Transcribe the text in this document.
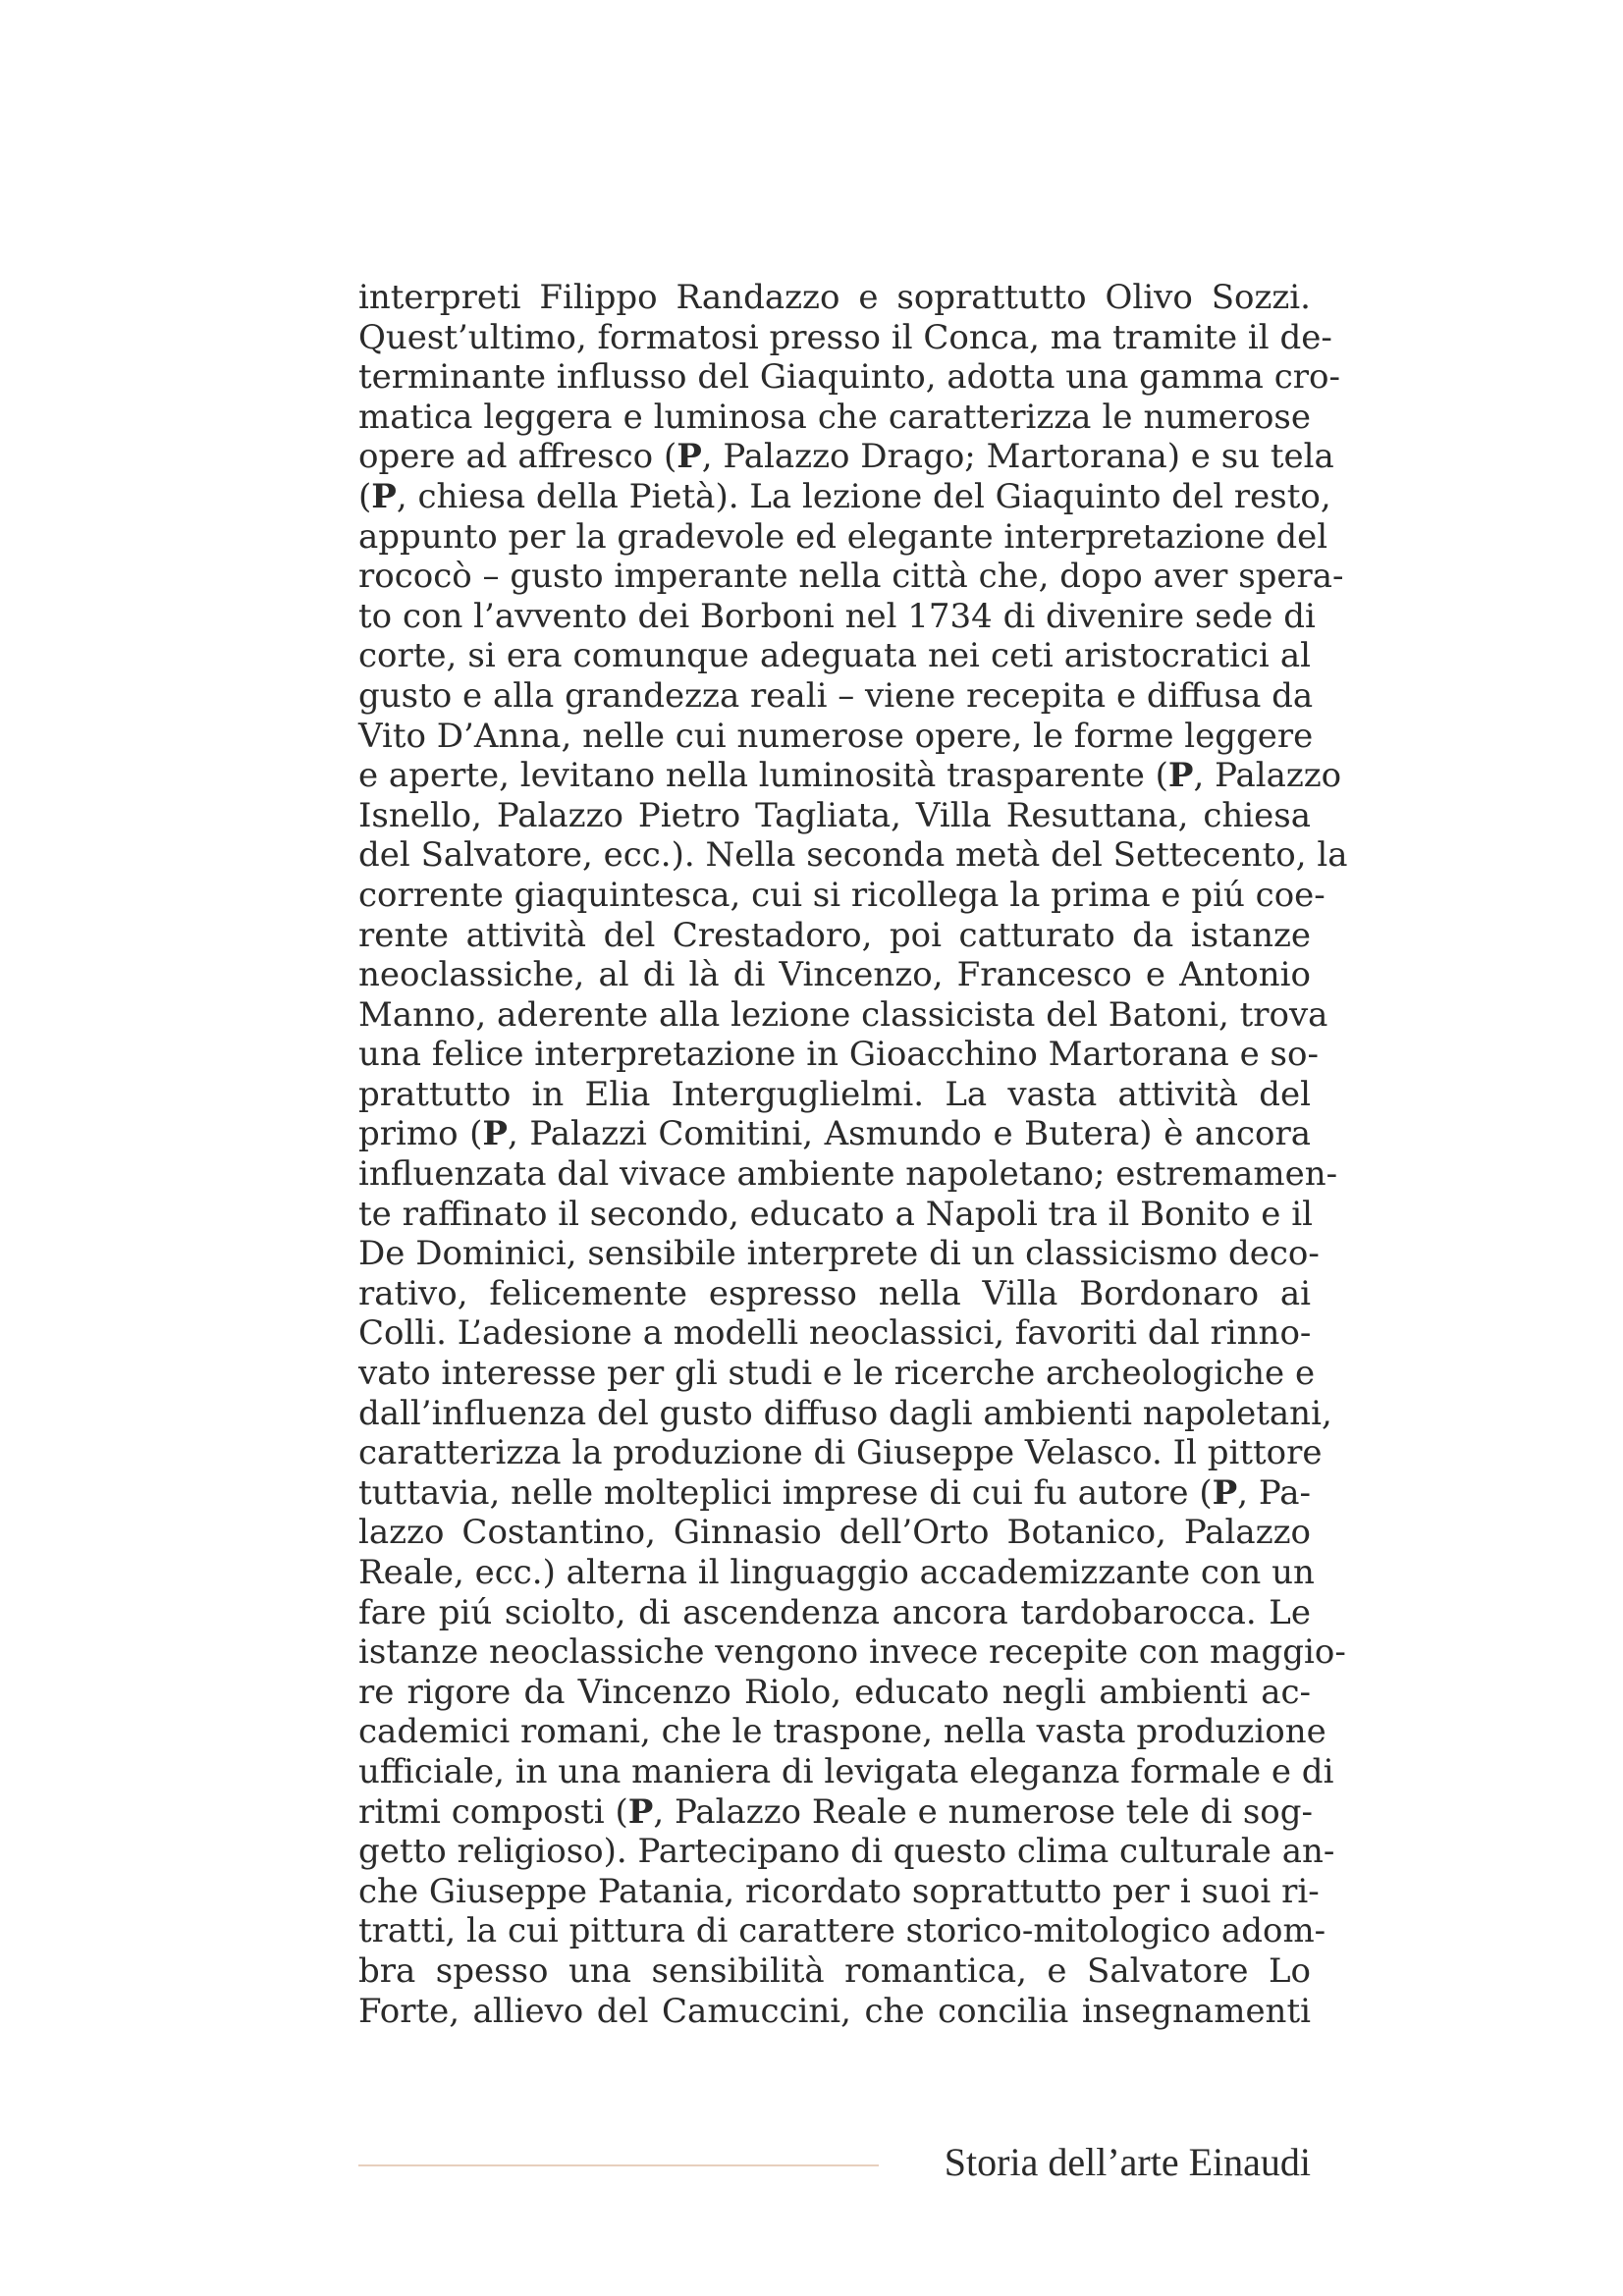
interpreti Filippo Randazzo e soprattutto Olivo Sozzi.
Quest’ultimo, formatosi presso il Conca, ma tramite il de-
terminante influsso del Giaquinto, adotta una gamma cro-
matica leggera e luminosa che caratterizza le numerose
opere ad affresco (P, Palazzo Drago; Martorana) e su tela
(P, chiesa della Pietà). La lezione del Giaquinto del resto,
appunto per la gradevole ed elegante interpretazione del
rococò – gusto imperante nella città che, dopo aver spera-
to con l’avvento dei Borboni nel 1734 di divenire sede di
corte, si era comunque adeguata nei ceti aristocratici al
gusto e alla grandezza reali – viene recepita e diffusa da
Vito D’Anna, nelle cui numerose opere, le forme leggere
e aperte, levitano nella luminosità trasparente (P, Palazzo
Isnello, Palazzo Pietro Tagliata, Villa Resuttana, chiesa
del Salvatore, ecc.). Nella seconda metà del Settecento, la
corrente giaquintesca, cui si ricollega la prima e piú coe-
rente attività del Crestadoro, poi catturato da istanze
neoclassiche, al di là di Vincenzo, Francesco e Antonio
Manno, aderente alla lezione classicista del Batoni, trova
una felice interpretazione in Gioacchino Martorana e so-
prattutto in Elia Interguglielmi. La vasta attività del
primo (P, Palazzi Comitini, Asmundo e Butera) è ancora
influenzata dal vivace ambiente napoletano; estremamen-
te raffinato il secondo, educato a Napoli tra il Bonito e il
De Dominici, sensibile interprete di un classicismo deco-
rativo, felicemente espresso nella Villa Bordonaro ai
Colli. L’adesione a modelli neoclassici, favoriti dal rinno-
vato interesse per gli studi e le ricerche archeologiche e
dall’influenza del gusto diffuso dagli ambienti napoletani,
caratterizza la produzione di Giuseppe Velasco. Il pittore
tuttavia, nelle molteplici imprese di cui fu autore (P, Pa-
lazzo Costantino, Ginnasio dell’Orto Botanico, Palazzo
Reale, ecc.) alterna il linguaggio accademizzante con un
fare piú sciolto, di ascendenza ancora tardobarocca. Le
istanze neoclassiche vengono invece recepite con maggio-
re rigore da Vincenzo Riolo, educato negli ambienti ac-
cademici romani, che le traspone, nella vasta produzione
ufficiale, in una maniera di levigata eleganza formale e di
ritmi composti (P, Palazzo Reale e numerose tele di sog-
getto religioso). Partecipano di questo clima culturale an-
che Giuseppe Patania, ricordato soprattutto per i suoi ri-
tratti, la cui pittura di carattere storico-mitologico adom-
bra spesso una sensibilità romantica, e Salvatore Lo
Forte, allievo del Camuccini, che concilia insegnamenti
Storia dell’arte Einaudi
